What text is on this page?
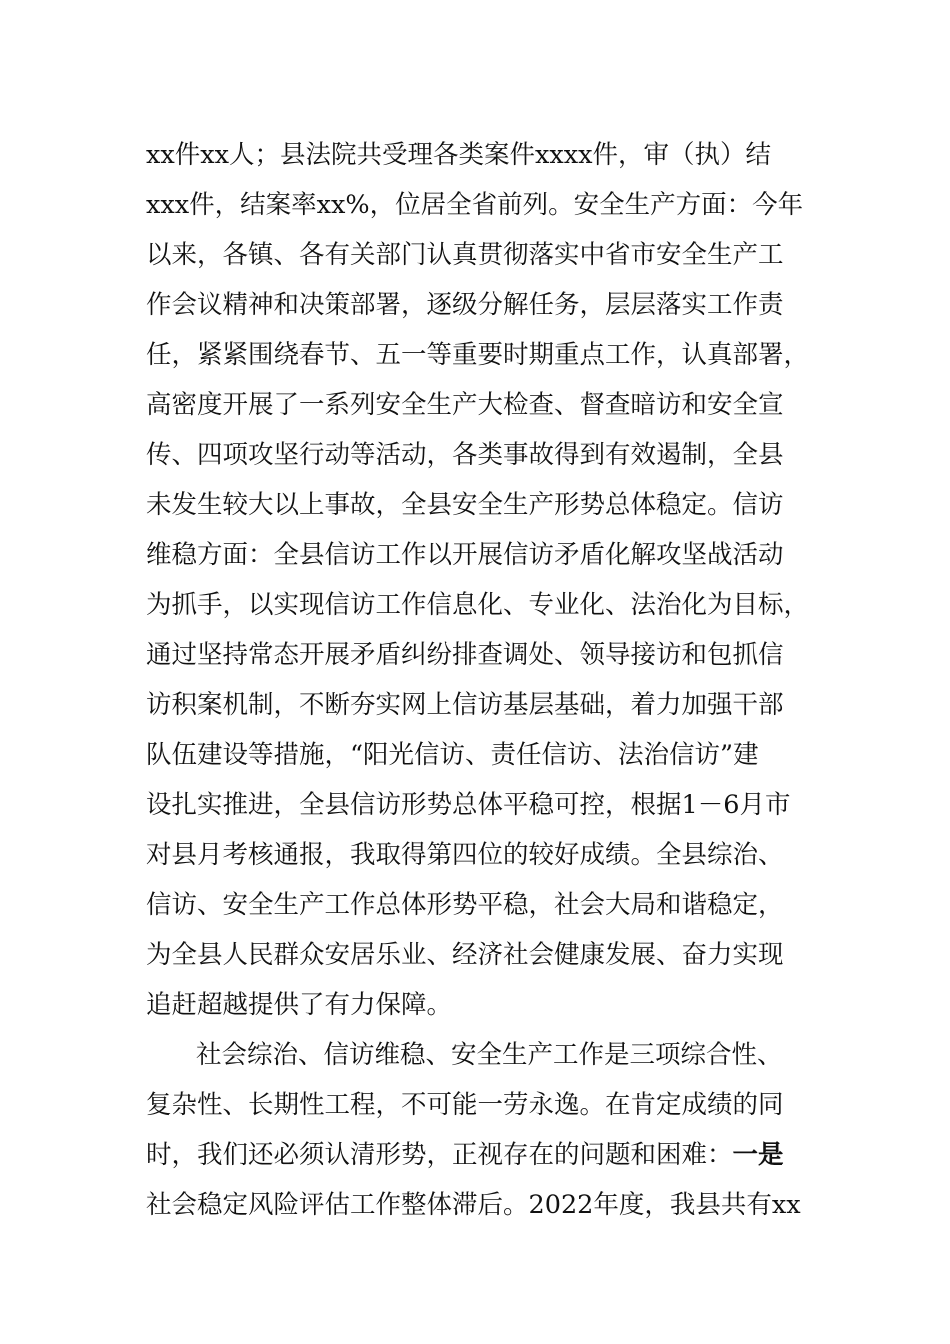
xx件xx人；县法院共受理各类案件xxxx件，审（执）结
xxx件，结案率xx%，位居全省前列。安全生产方面：今年
以来，各镇、各有关部门认真贯彻落实中省市安全生产工
作会议精神和决策部署，逐级分解任务，层层落实工作责
任，紧紧围绕春节、五一等重要时期重点工作，认真部署，
高密度开展了一系列安全生产大检查、督查暗访和安全宣
传、四项攻坚行动等活动，各类事故得到有效遏制，全县
未发生较大以上事故，全县安全生产形势总体稳定。信访
维稳方面：全县信访工作以开展信访矛盾化解攻坚战活动
为抓手，以实现信访工作信息化、专业化、法治化为目标，
通过坚持常态开展矛盾纠纷排查调处、领导接访和包抓信
访积案机制，不断夯实网上信访基层基础，着力加强干部
队伍建设等措施，“阳光信访、责任信访、法治信访”建
设扎实推进，全县信访形势总体平稳可控，根据1－6月市
对县月考核通报，我取得第四位的较好成绩。全县综治、
信访、安全生产工作总体形势平稳，社会大局和谐稳定，
为全县人民群众安居乐业、经济社会健康发展、奋力实现
追赶超越提供了有力保障。
社会综治、信访维稳、安全生产工作是三项综合性、
复杂性、长期性工程，不可能一劳永逸。在肯定成绩的同
时，我们还必须认清形势，正视存在的问题和困难：一是
社会稳定风险评估工作整体滞后。2022年度，我县共有xx
